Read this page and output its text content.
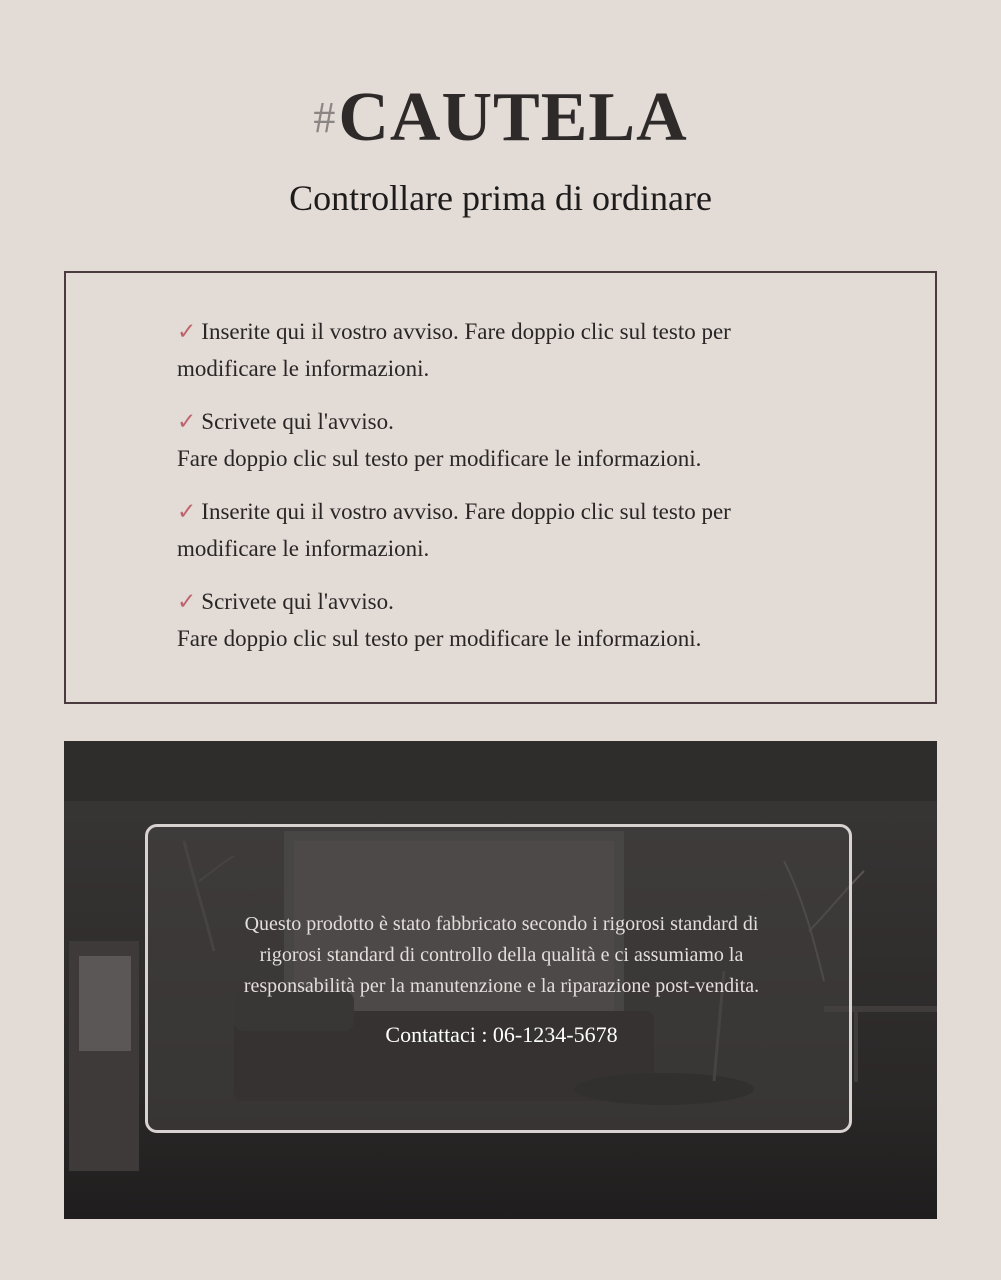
#CAUTELA
Controllare prima di ordinare
✓ Inserite qui il vostro avviso. Fare doppio clic sul testo per
modificare le informazioni.
✓ Scrivete qui l'avviso.
Fare doppio clic sul testo per modificare le informazioni.
✓ Inserite qui il vostro avviso. Fare doppio clic sul testo per
modificare le informazioni.
✓ Scrivete qui l'avviso.
Fare doppio clic sul testo per modificare le informazioni.
Questo prodotto è stato fabbricato secondo i rigorosi standard di
rigorosi standard di controllo della qualità e ci assumiamo la
responsabilità per la manutenzione e la riparazione post-vendita.
Contattaci : 06-1234-5678
